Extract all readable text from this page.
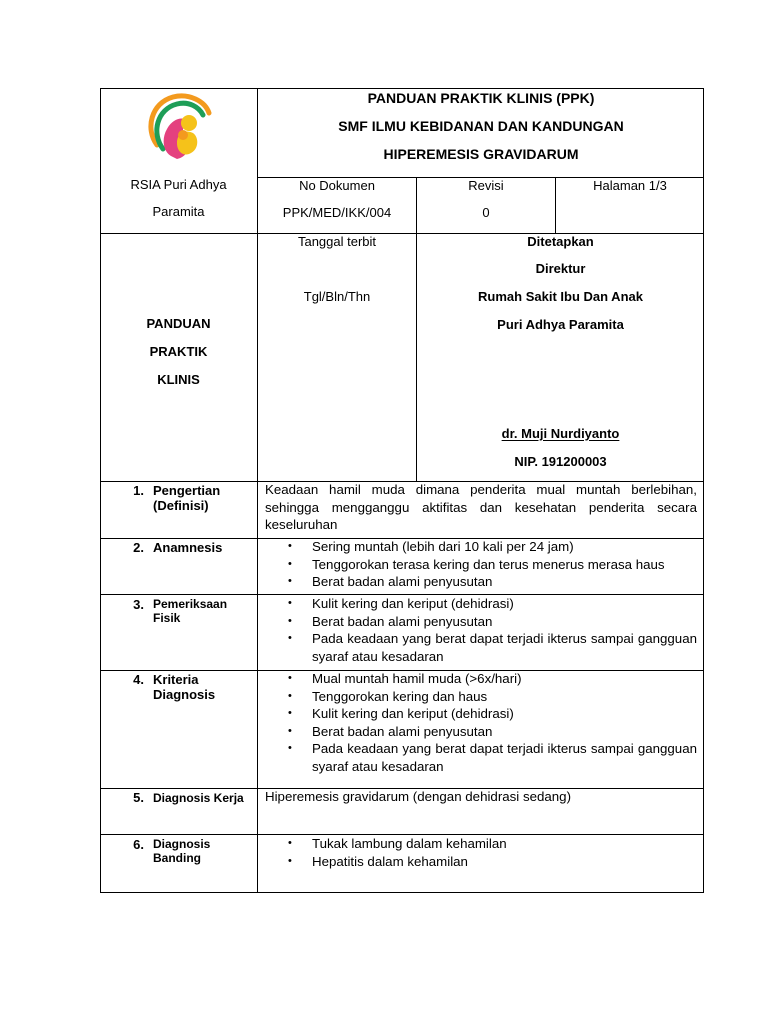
PANDUAN PRAKTIK KLINIS (PPK)
SMF ILMU KEBIDANAN DAN KANDUNGAN
HIPEREMESIS GRAVIDARUM
RSIA Puri Adhya
Paramita
No Dokumen
PPK/MED/IKK/004
Revisi
0
Halaman 1/3
PANDUAN
PRAKTIK
KLINIS
Tanggal terbit
Tgl/Bln/Thn
Ditetapkan
Direktur
Rumah Sakit Ibu Dan Anak
Puri Adhya Paramita
dr. Muji Nurdiyanto
NIP. 191200003
1. Pengertian
(Definisi)
Keadaan hamil muda dimana penderita mual muntah berlebihan, sehingga mengganggu aktifitas dan kesehatan penderita secara keseluruhan
2. Anamnesis	• Sering muntah (lebih dari 10 kali per 24 jam)
• Tenggorokan terasa kering dan terus menerus merasa haus
• Berat badan alami penyusutan
3. Pemeriksaan
Fisik
• Kulit kering dan keriput (dehidrasi)
• Berat badan alami penyusutan
• Pada keadaan yang berat dapat terjadi ikterus sampai gangguan syaraf atau kesadaran
4. Kriteria
Diagnosis
• Mual muntah hamil muda (>6x/hari)
• Tenggorokan kering dan haus
• Kulit kering dan keriput (dehidrasi)
• Berat badan alami penyusutan
• Pada keadaan yang berat dapat terjadi ikterus sampai gangguan syaraf atau kesadaran
5. Diagnosis Kerja	Hiperemesis gravidarum (dengan dehidrasi sedang)
6. Diagnosis
Banding
• Tukak lambung dalam kehamilan
• Hepatitis dalam kehamilan
